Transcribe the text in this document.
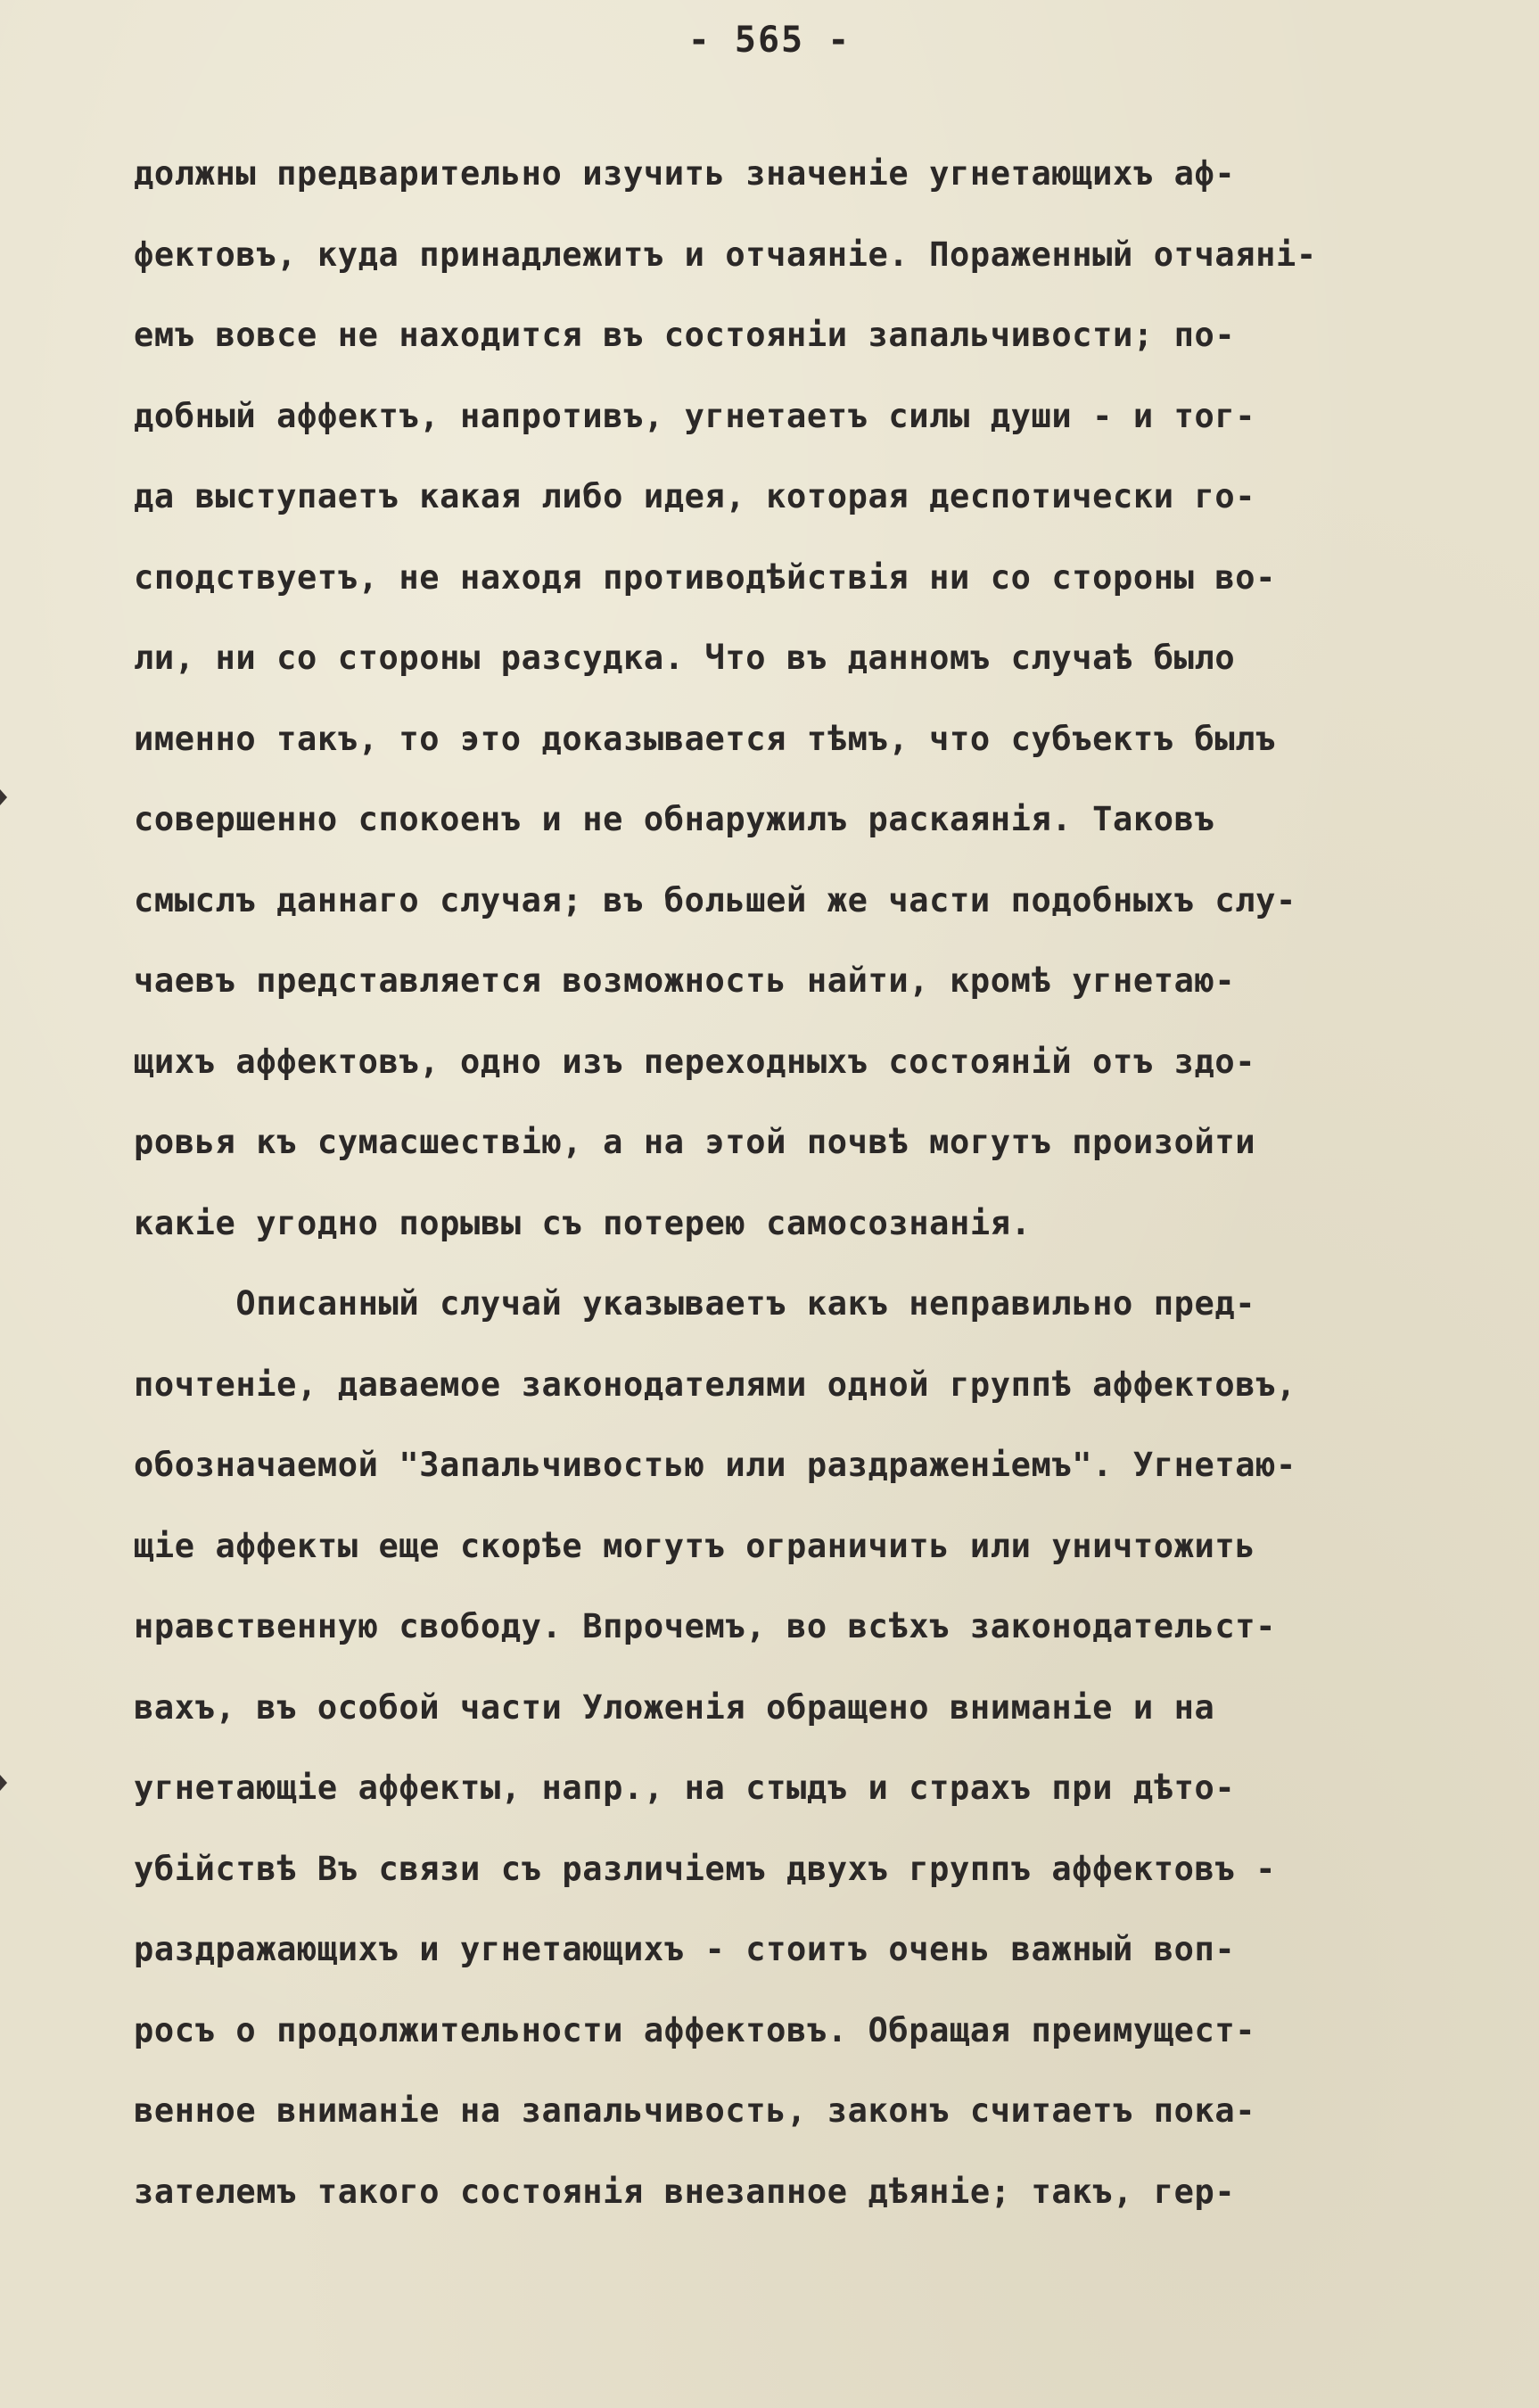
- 565 -
должны предварительно изучить значеніе угнетающихъ аф-
фектовъ, куда принадлежитъ и отчаяніе. Пораженный отчаяні-
емъ вовсе не находится въ состояніи запальчивости; по-
добный аффектъ, напротивъ, угнетаетъ силы души - и тог-
да выступаетъ какая либо идея, которая деспотически го-
сподствуетъ, не находя противодѣйствія ни со стороны во-
ли, ни со стороны разсудка. Что въ данномъ случаѣ было
именно такъ, то это доказывается тѣмъ, что субъектъ былъ
совершенно спокоенъ и не обнаружилъ раскаянія. Таковъ
смыслъ даннаго случая; въ большей же части подобныхъ слу-
чаевъ представляется возможность найти, кромѣ угнетаю-
щихъ аффектовъ, одно изъ переходныхъ состояній отъ здо-
ровья къ сумасшествію, а на этой почвѣ могутъ произойти
какіе угодно порывы съ потерею самосознанія.
Описанный случай указываетъ какъ неправильно пред-
почтеніе, даваемое законодателями одной группѣ аффектовъ,
обозначаемой "Запальчивостью или раздраженіемъ". Угнетаю-
щіе аффекты еще скорѣе могутъ ограничить или уничтожить
нравственную свободу. Впрочемъ, во всѣхъ законодательст-
вахъ, въ особой части Уложенія обращено вниманіе и на
угнетающіе аффекты, напр., на стыдъ и страхъ при дѣто-
убійствѣ Въ связи съ различіемъ двухъ группъ аффектовъ -
раздражающихъ и угнетающихъ - стоитъ очень важный воп-
росъ о продолжительности аффектовъ. Обращая преимущест-
венное вниманіе на запальчивость, законъ считаетъ пока-
зателемъ такого состоянія внезапное дѣяніе; такъ, гер-
